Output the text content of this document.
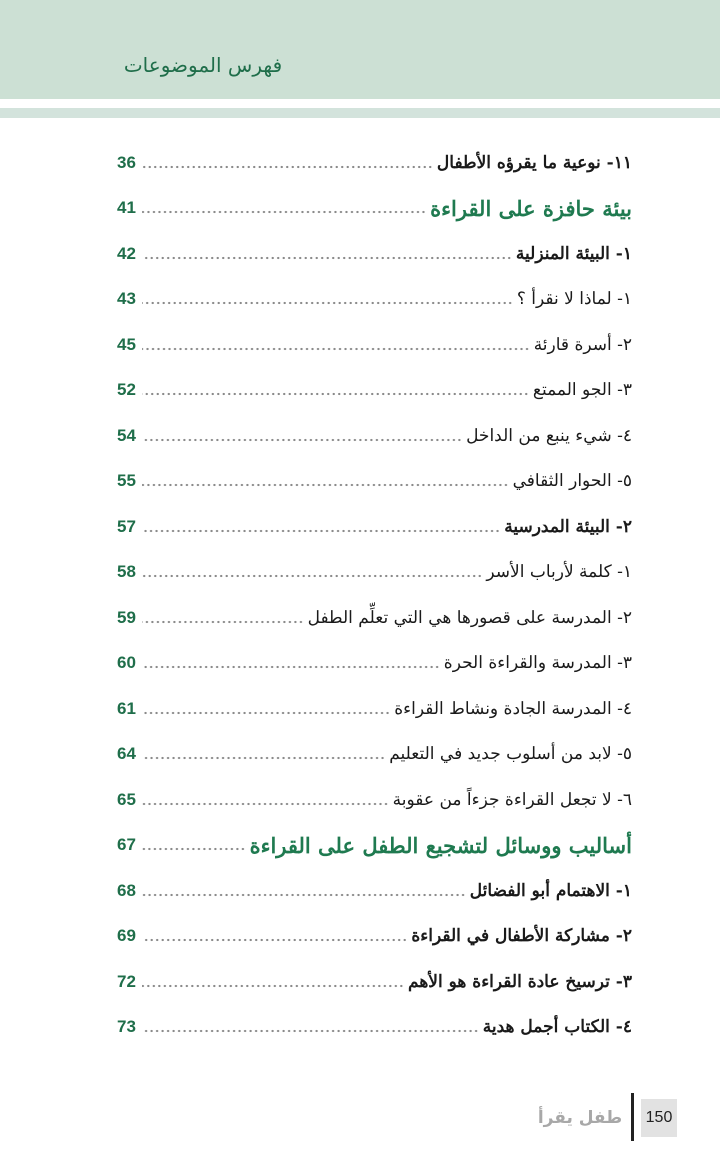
فهرس الموضوعات
36	١١- نوعية ما يقرؤه الأطفال
41	بيئة حافزة على القراءة
42	١- البيئة المنزلية
43	١- لماذا لا نقرأ ؟
45	٢- أسرة قارئة
52	٣- الجو الممتع
54	٤- شيء ينبع من الداخل
55	٥- الحوار الثقافي
57	٢- البيئة المدرسية
58	١- كلمة لأرباب الأسر
59	٢- المدرسة على قصورها هي التي تعلِّم الطفل
60	٣- المدرسة والقراءة الحرة
61	٤- المدرسة الجادة ونشاط القراءة
64	٥- لابد من أسلوب جديد في التعليم
65	٦- لا تجعل القراءة جزءاً من عقوبة
67	أساليب ووسائل لتشجيع الطفل على القراءة
68	١- الاهتمام أبو الفضائل
69	٢- مشاركة الأطفال في القراءة
72	٣- ترسيخ عادة القراءة هو الأهم
73	٤- الكتاب أجمل هدية
150
طفل يقرأ
